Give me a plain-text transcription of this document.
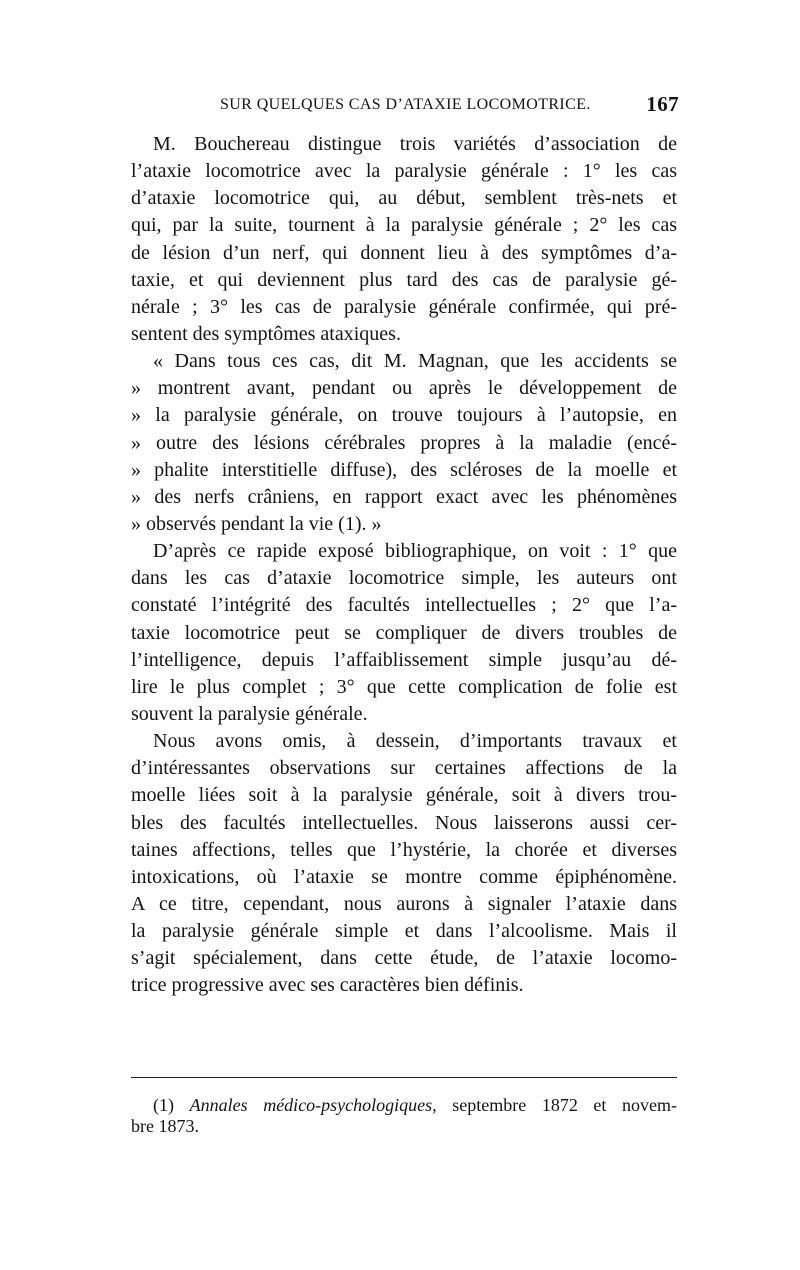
SUR QUELQUES CAS D’ATAXIE LOCOMOTRICE.	167
M. Bouchereau distingue trois variétés d’association de
l’ataxie locomotrice avec la paralysie générale : 1° les cas
d’ataxie locomotrice qui, au début, semblent très-nets et
qui, par la suite, tournent à la paralysie générale ; 2° les cas
de lésion d’un nerf, qui donnent lieu à des symptômes d’a-
taxie, et qui deviennent plus tard des cas de paralysie gé-
nérale ; 3° les cas de paralysie générale confirmée, qui pré-
sentent des symptômes ataxiques.
« Dans tous ces cas, dit M. Magnan, que les accidents se
» montrent avant, pendant ou après le développement de
» la paralysie générale, on trouve toujours à l’autopsie, en
» outre des lésions cérébrales propres à la maladie (encé-
» phalite interstitielle diffuse), des scléroses de la moelle et
» des nerfs crâniens, en rapport exact avec les phénomènes
» observés pendant la vie (1). »
D’après ce rapide exposé bibliographique, on voit : 1° que
dans les cas d’ataxie locomotrice simple, les auteurs ont
constaté l’intégrité des facultés intellectuelles ; 2° que l’a-
taxie locomotrice peut se compliquer de divers troubles de
l’intelligence, depuis l’affaiblissement simple jusqu’au dé-
lire le plus complet ; 3° que cette complication de folie est
souvent la paralysie générale.
Nous avons omis, à dessein, d’importants travaux et
d’intéressantes observations sur certaines affections de la
moelle liées soit à la paralysie générale, soit à divers trou-
bles des facultés intellectuelles. Nous laisserons aussi cer-
taines affections, telles que l’hystérie, la chorée et diverses
intoxications, où l’ataxie se montre comme épiphénomène.
A ce titre, cependant, nous aurons à signaler l’ataxie dans
la paralysie générale simple et dans l’alcoolisme. Mais il
s’agit spécialement, dans cette étude, de l’ataxie locomo-
trice progressive avec ses caractères bien définis.
(1) Annales médico-psychologiques, septembre 1872 et novem-
bre 1873.
